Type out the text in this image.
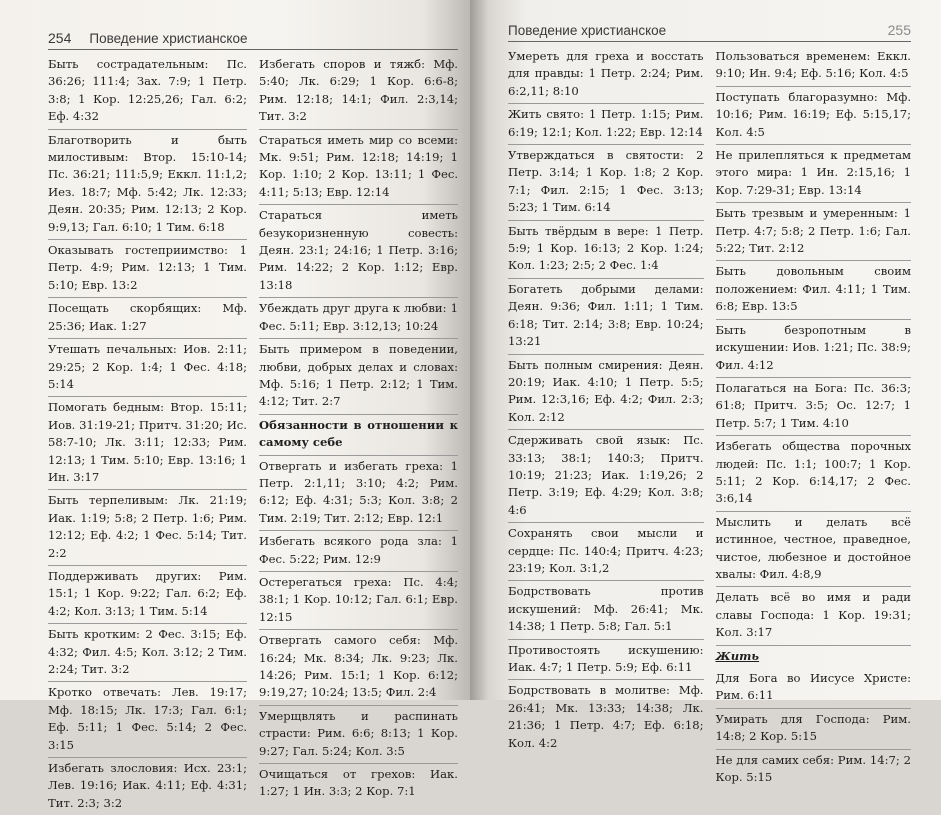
254 Поведение христианское
Быть сострадательным: Пс. 36:26; 111:4; Зах. 7:9; 1 Петр. 3:8; 1 Кор. 12:25,26; Гал. 6:2; Еф. 4:32
Благотворить и быть милостивым: Втор. 15:10-14; Пс. 36:21; 111:5,9; Еккл. 11:1,2; Иез. 18:7; Мф. 5:42; Лк. 12:33; Деян. 20:35; Рим. 12:13; 2 Кор. 9:9,13; Гал. 6:10; 1 Тим. 6:18
Оказывать гостеприимство: 1 Петр. 4:9; Рим. 12:13; 1 Тим. 5:10; Евр. 13:2
Посещать скорбящих: Мф. 25:36; Иак. 1:27
Утешать печальных: Иов. 2:11; 29:25; 2 Кор. 1:4; 1 Фес. 4:18; 5:14
Помогать бедным: Втор. 15:11; Иов. 31:19-21; Притч. 31:20; Ис. 58:7-10; Лк. 3:11; 12:33; Рим. 12:13; 1 Тим. 5:10; Евр. 13:16; 1 Ин. 3:17
Быть терпеливым: Лк. 21:19; Иак. 1:19; 5:8; 2 Петр. 1:6; Рим. 12:12; Еф. 4:2; 1 Фес. 5:14; Тит. 2:2
Поддерживать других: Рим. 15:1; 1 Кор. 9:22; Гал. 6:2; Еф. 4:2; Кол. 3:13; 1 Тим. 5:14
Быть кротким: 2 Фес. 3:15; Еф. 4:32; Фил. 4:5; Кол. 3:12; 2 Тим. 2:24; Тит. 3:2
Кротко отвечать: Лев. 19:17; Мф. 18:15; Лк. 17:3; Гал. 6:1; Еф. 5:11; 1 Фес. 5:14; 2 Фес. 3:15
Избегать злословия: Исх. 23:1; Лев. 19:16; Иак. 4:11; Еф. 4:31; Тит. 2:3; 3:2
Избегать споров и тяжб: Мф. 5:40; Лк. 6:29; 1 Кор. 6:6-8; Рим. 12:18; 14:1; Фил. 2:3,14; Тит. 3:2
Стараться иметь мир со всеми: Мк. 9:51; Рим. 12:18; 14:19; 1 Кор. 1:10; 2 Кор. 13:11; 1 Фес. 4:11; 5:13; Евр. 12:14
Стараться иметь безукоризненную совесть: Деян. 23:1; 24:16; 1 Петр. 3:16; Рим. 14:22; 2 Кор. 1:12; Евр. 13:18
Убеждать друг друга к любви: 1 Фес. 5:11; Евр. 3:12,13; 10:24
Быть примером в поведении, любви, добрых делах и словах: Мф. 5:16; 1 Петр. 2:12; 1 Тим. 4:12; Тит. 2:7
Обязанности в отношении к самому себе
Отвергать и избегать греха: 1 Петр. 2:1,11; 3:10; 4:2; Рим. 6:12; Еф. 4:31; 5:3; Кол. 3:8; 2 Тим. 2:19; Тит. 2:12; Евр. 12:1
Избегать всякого рода зла: 1 Фес. 5:22; Рим. 12:9
Остерегаться греха: Пс. 4:4; 38:1; 1 Кор. 10:12; Гал. 6:1; Евр. 12:15
Отвергать самого себя: Мф. 16:24; Мк. 8:34; Лк. 9:23; Лк. 14:26; Рим. 15:1; 1 Кор. 6:12; 9:19,27; 10:24; 13:5; Фил. 2:4
Умерщвлять и распинать страсти: Рим. 6:6; 8:13; 1 Кор. 9:27; Гал. 5:24; Кол. 3:5
Очищаться от грехов: Иак. 1:27; 1 Ин. 3:3; 2 Кор. 7:1
Поведение христианское	255
Умереть для греха и восстать для правды: 1 Петр. 2:24; Рим. 6:2,11; 8:10
Жить свято: 1 Петр. 1:15; Рим. 6:19; 12:1; Кол. 1:22; Евр. 12:14
Утверждаться в святости: 2 Петр. 3:14; 1 Кор. 1:8; 2 Кор. 7:1; Фил. 2:15; 1 Фес. 3:13; 5:23; 1 Тим. 6:14
Быть твёрдым в вере: 1 Петр. 5:9; 1 Кор. 16:13; 2 Кор. 1:24; Кол. 1:23; 2:5; 2 Фес. 1:4
Богатеть добрыми делами: Деян. 9:36; Фил. 1:11; 1 Тим. 6:18; Тит. 2:14; 3:8; Евр. 10:24; 13:21
Быть полным смирения: Деян. 20:19; Иак. 4:10; 1 Петр. 5:5; Рим. 12:3,16; Еф. 4:2; Фил. 2:3; Кол. 2:12
Сдерживать свой язык: Пс. 33:13; 38:1; 140:3; Притч. 10:19; 21:23; Иак. 1:19,26; 2 Петр. 3:19; Еф. 4:29; Кол. 3:8; 4:6
Сохранять свои мысли и сердце: Пс. 140:4; Притч. 4:23; 23:19; Кол. 3:1,2
Бодрствовать против искушений: Мф. 26:41; Мк. 14:38; 1 Петр. 5:8; Гал. 5:1
Противостоять искушению: Иак. 4:7; 1 Петр. 5:9; Еф. 6:11
Бодрствовать в молитве: Мф. 26:41; Мк. 13:33; 14:38; Лк. 21:36; 1 Петр. 4:7; Еф. 6:18; Кол. 4:2
Пользоваться временем: Еккл. 9:10; Ин. 9:4; Еф. 5:16; Кол. 4:5
Поступать благоразумно: Мф. 10:16; Рим. 16:19; Еф. 5:15,17; Кол. 4:5
Не прилепляться к предметам этого мира: 1 Ин. 2:15,16; 1 Кор. 7:29-31; Евр. 13:14
Быть трезвым и умеренным: 1 Петр. 4:7; 5:8; 2 Петр. 1:6; Гал. 5:22; Тит. 2:12
Быть довольным своим положением: Фил. 4:11; 1 Тим. 6:8; Евр. 13:5
Быть безропотным в искушении: Иов. 1:21; Пс. 38:9; Фил. 4:12
Полагаться на Бога: Пс. 36:3; 61:8; Притч. 3:5; Ос. 12:7; 1 Петр. 5:7; 1 Тим. 4:10
Избегать общества порочных людей: Пс. 1:1; 100:7; 1 Кор. 5:11; 2 Кор. 6:14,17; 2 Фес. 3:6,14
Мыслить и делать всё истинное, честное, праведное, чистое, любезное и достойное хвалы: Фил. 4:8,9
Делать всё во имя и ради славы Господа: 1 Кор. 19:31; Кол. 3:17
Жить
Для Бога во Иисусе Христе: Рим. 6:11
Умирать для Господа: Рим. 14:8; 2 Кор. 5:15
Не для самих себя: Рим. 14:7; 2 Кор. 5:15
